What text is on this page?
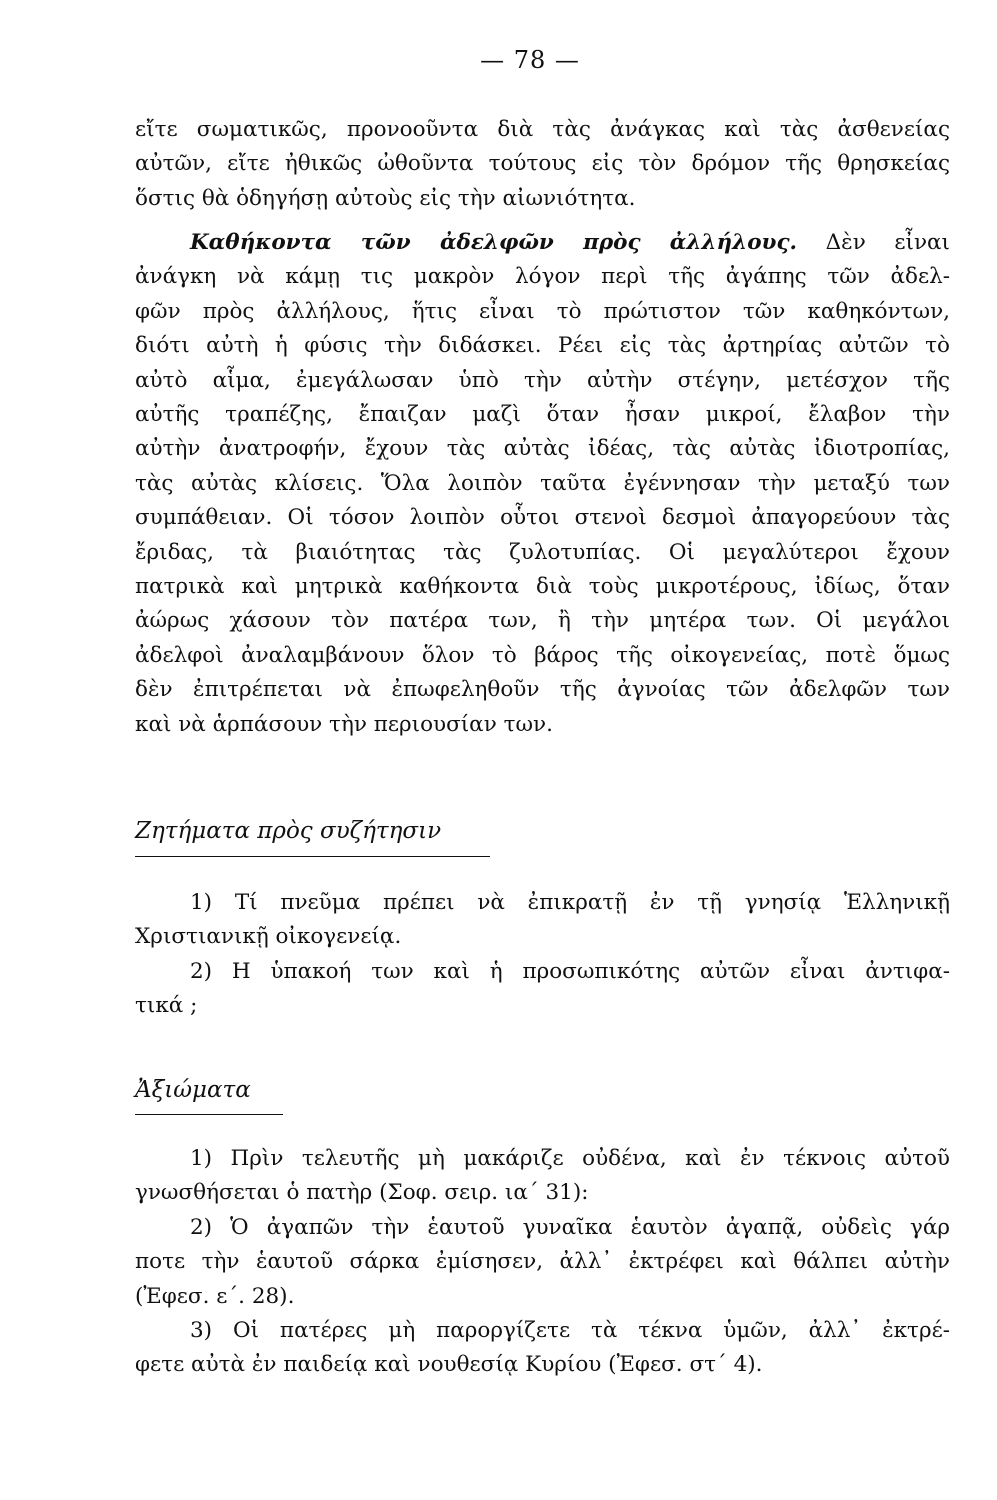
— 78 —
εἴτε σωματικῶς, προνοοῦντα διὰ τὰς ἀνάγκας καὶ τὰς ἀσθενείας
αὐτῶν, εἴτε ἠθικῶς ὠθοῦντα τούτους εἰς τὸν δρόμον τῆς θρησκείας
ὅστις θὰ ὁδηγήσῃ αὐτοὺς εἰς τὴν αἰωνιότητα.
Καθήκοντα τῶν ἀδελφῶν πρὸς ἀλλήλους. Δὲν εἶναι
ἀνάγκη νὰ κάμῃ τις μακρὸν λόγον περὶ τῆς ἀγάπης τῶν ἀδελ-
φῶν πρὸς ἀλλήλους, ἥτις εἶναι τὸ πρώτιστον τῶν καθηκόντων,
διότι αὐτὴ ἡ φύσις τὴν διδάσκει. Ρέει εἰς τὰς ἀρτηρίας αὐτῶν τὸ
αὐτὸ αἷμα, ἐμεγάλωσαν ὑπὸ τὴν αὐτὴν στέγην, μετέσχον τῆς
αὐτῆς τραπέζης, ἔπαιζαν μαζὶ ὅταν ἦσαν μικροί, ἔλαβον τὴν
αὐτὴν ἀνατροφήν, ἔχουν τὰς αὐτὰς ἰδέας, τὰς αὐτὰς ἰδιοτροπίας,
τὰς αὐτὰς κλίσεις. Ὅλα λοιπὸν ταῦτα ἐγέννησαν τὴν μεταξύ των
συμπάθειαν. Οἱ τόσον λοιπὸν οὗτοι στενοὶ δεσμοὶ ἀπαγορεύουν τὰς
ἔριδας, τὰ βιαιότητας τὰς ζυλοτυπίας. Οἱ μεγαλύτεροι ἔχουν
πατρικὰ καὶ μητρικὰ καθήκοντα διὰ τοὺς μικροτέρους, ἰδίως, ὅταν
ἀώρως χάσουν τὸν πατέρα των, ἢ τὴν μητέρα των. Οἱ μεγάλοι
ἀδελφοὶ ἀναλαμβάνουν ὅλον τὸ βάρος τῆς οἰκογενείας, ποτὲ ὅμως
δὲν ἐπιτρέπεται νὰ ἐπωφεληθοῦν τῆς ἀγνοίας τῶν ἀδελφῶν των
καὶ νὰ ἁρπάσουν τὴν περιουσίαν των.
Ζητήματα πρὸς συζήτησιν
1) Τί πνεῦμα πρέπει νὰ ἐπικρατῇ ἐν τῇ γνησίᾳ Ἑλληνικῇ
Χριστιανικῇ οἰκογενείᾳ.
2) Η ὑπακοή των καὶ ἡ προσωπικότης αὐτῶν εἶναι ἀντιφα-
τικά ;
Ἀξιώματα
1) Πρὶν τελευτῆς μὴ μακάριζε οὐδένα, καὶ ἐν τέκνοις αὐτοῦ
γνωσθήσεται ὁ πατὴρ (Σοφ. σειρ. ια΄ 31):
2) Ὁ ἀγαπῶν τὴν ἑαυτοῦ γυναῖκα ἑαυτὸν ἀγαπᾷ, οὐδεὶς γάρ
ποτε τὴν ἑαυτοῦ σάρκα ἐμίσησεν, ἀλλ᾽ ἐκτρέφει καὶ θάλπει αὐτὴν
(Ἐφεσ. ε΄. 28).
3) Οἱ πατέρες μὴ παροργίζετε τὰ τέκνα ὑμῶν, ἀλλ᾽ ἐκτρέ-
φετε αὐτὰ ἐν παιδείᾳ καὶ νουθεσίᾳ Κυρίου (Ἐφεσ. στ΄ 4).
